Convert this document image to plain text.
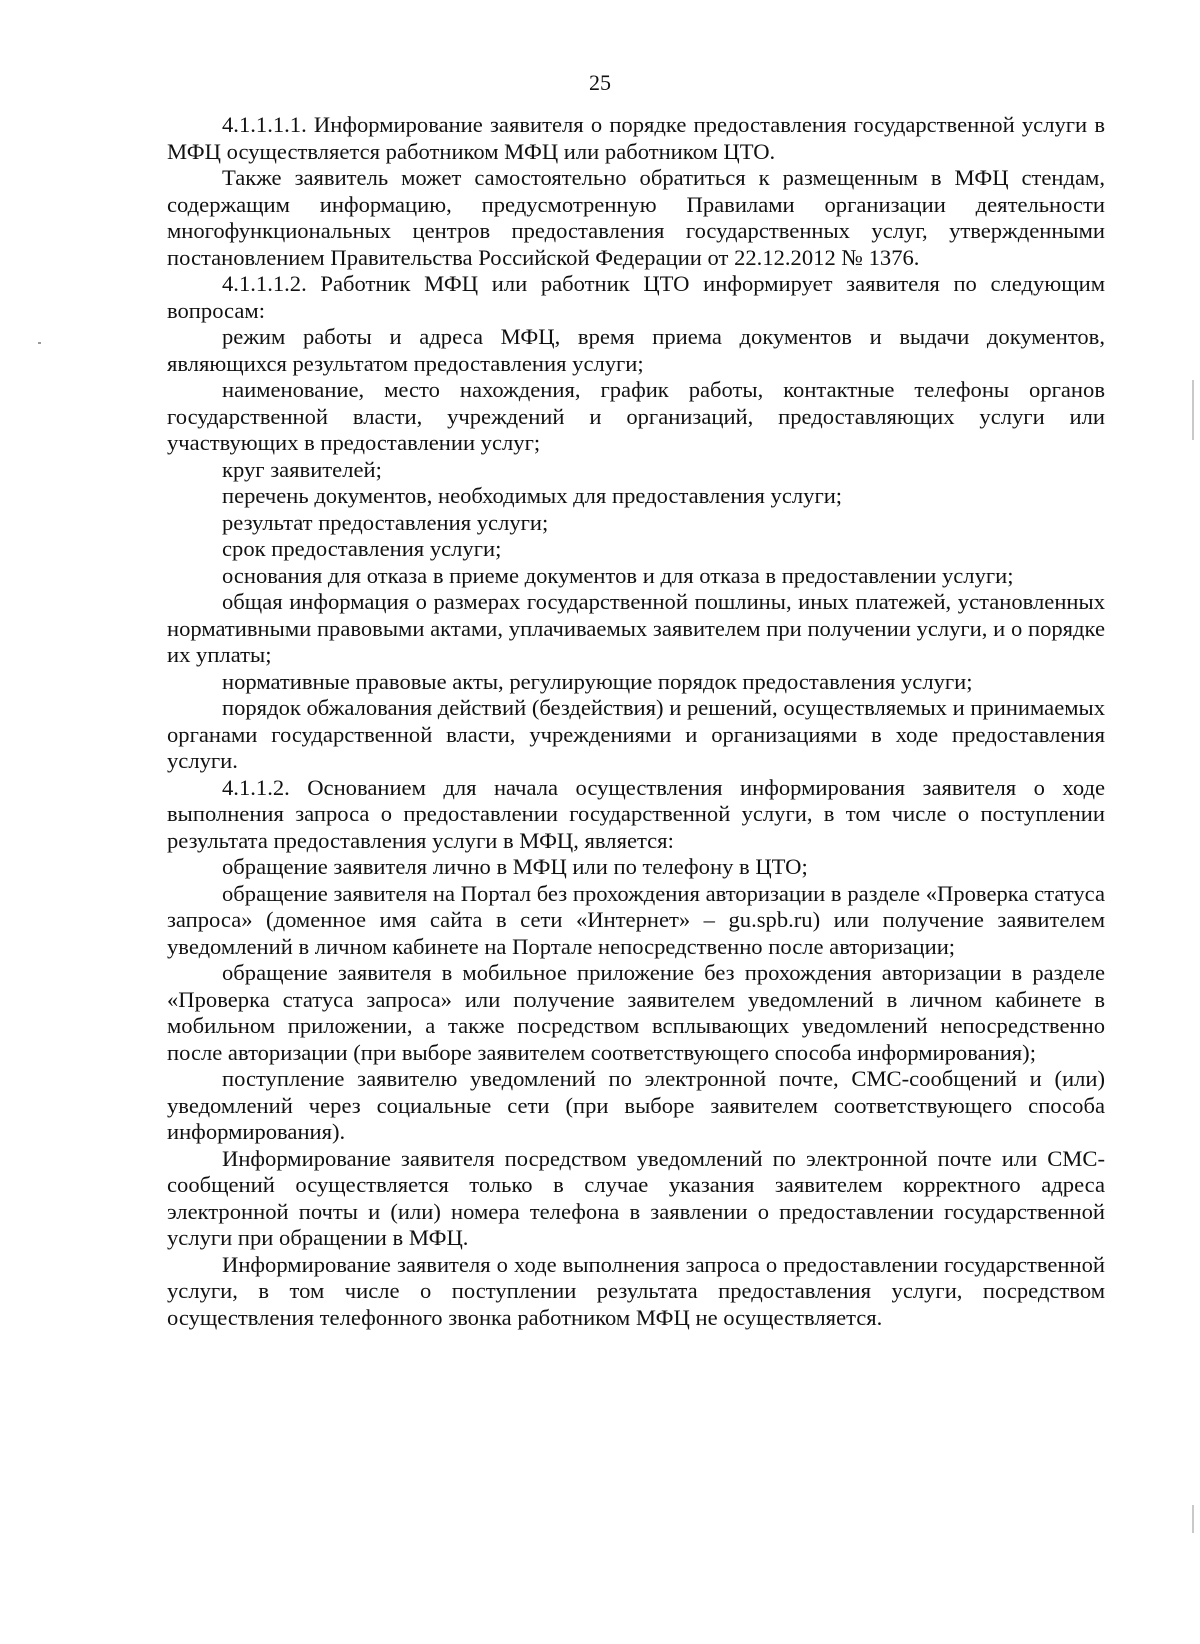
25

4.1.1.1.1. Информирование заявителя о порядке предоставления государственной услуги в МФЦ осуществляется работником МФЦ или работником ЦТО.

Также заявитель может самостоятельно обратиться к размещенным в МФЦ стендам, содержащим информацию, предусмотренную Правилами организации деятельности многофункциональных центров предоставления государственных услуг, утвержденными постановлением Правительства Российской Федерации от 22.12.2012 № 1376.

4.1.1.1.2. Работник МФЦ или работник ЦТО информирует заявителя по следующим вопросам:

режим работы и адреса МФЦ, время приема документов и выдачи документов, являющихся результатом предоставления услуги;

наименование, место нахождения, график работы, контактные телефоны органов государственной власти, учреждений и организаций, предоставляющих услуги или участвующих в предоставлении услуг;

круг заявителей;

перечень документов, необходимых для предоставления услуги;

результат предоставления услуги;

срок предоставления услуги;

основания для отказа в приеме документов и для отказа в предоставлении услуги;

общая информация о размерах государственной пошлины, иных платежей, установленных нормативными правовыми актами, уплачиваемых заявителем при получении услуги, и о порядке их уплаты;

нормативные правовые акты, регулирующие порядок предоставления услуги;

порядок обжалования действий (бездействия) и решений, осуществляемых и принимаемых органами государственной власти, учреждениями и организациями в ходе предоставления услуги.

4.1.1.2. Основанием для начала осуществления информирования заявителя о ходе выполнения запроса о предоставлении государственной услуги, в том числе о поступлении результата предоставления услуги в МФЦ, является:

обращение заявителя лично в МФЦ или по телефону в ЦТО;

обращение заявителя на Портал без прохождения авторизации в разделе «Проверка статуса запроса» (доменное имя сайта в сети «Интернет» – gu.spb.ru) или получение заявителем уведомлений в личном кабинете на Портале непосредственно после авторизации;

обращение заявителя в мобильное приложение без прохождения авторизации в разделе «Проверка статуса запроса» или получение заявителем уведомлений в личном кабинете в мобильном приложении, а также посредством всплывающих уведомлений непосредственно после авторизации (при выборе заявителем соответствующего способа информирования);

поступление заявителю уведомлений по электронной почте, СМС-сообщений и (или) уведомлений через социальные сети (при выборе заявителем соответствующего способа информирования).

Информирование заявителя посредством уведомлений по электронной почте или СМС-сообщений осуществляется только в случае указания заявителем корректного адреса электронной почты и (или) номера телефона в заявлении о предоставлении государственной услуги при обращении в МФЦ.

Информирование заявителя о ходе выполнения запроса о предоставлении государственной услуги, в том числе о поступлении результата предоставления услуги, посредством осуществления телефонного звонка работником МФЦ не осуществляется.
